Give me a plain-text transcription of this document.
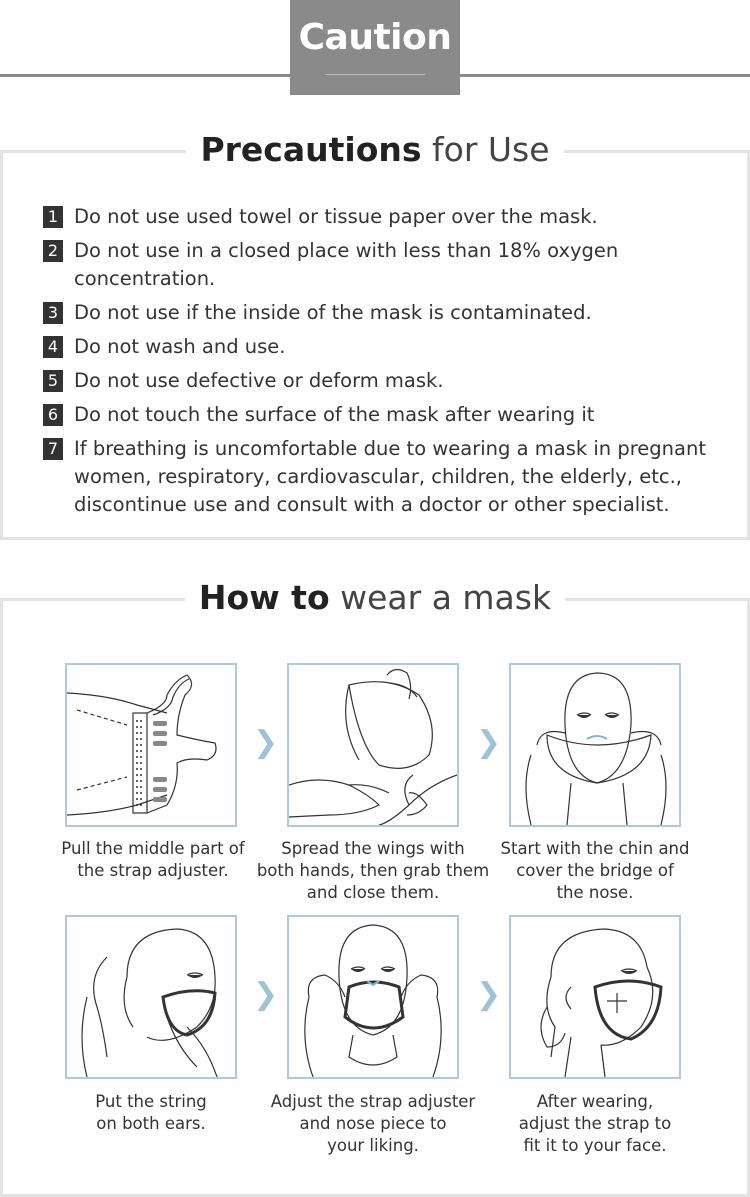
Caution
Precautions for Use
1 Do not use used towel or tissue paper over the mask.
2 Do not use in a closed place with less than 18% oxygen concentration.
3 Do not use if the inside of the mask is contaminated.
4 Do not wash and use.
5 Do not use defective or deform mask.
6 Do not touch the surface of the mask after wearing it
7 If breathing is uncomfortable due to wearing a mask in pregnant women, respiratory, cardiovascular, children, the elderly, etc., discontinue use and consult with a doctor or other specialist.
How to wear a mask
❯	❯
Pull the middle part of
the strap adjuster.
Spread the wings with
both hands, then grab them
and close them.
Start with the chin and
cover the bridge of
the nose.
❯	❯
Put the string
on both ears.
Adjust the strap adjuster
and nose piece to
your liking.
After wearing,
adjust the strap to
fit it to your face.
